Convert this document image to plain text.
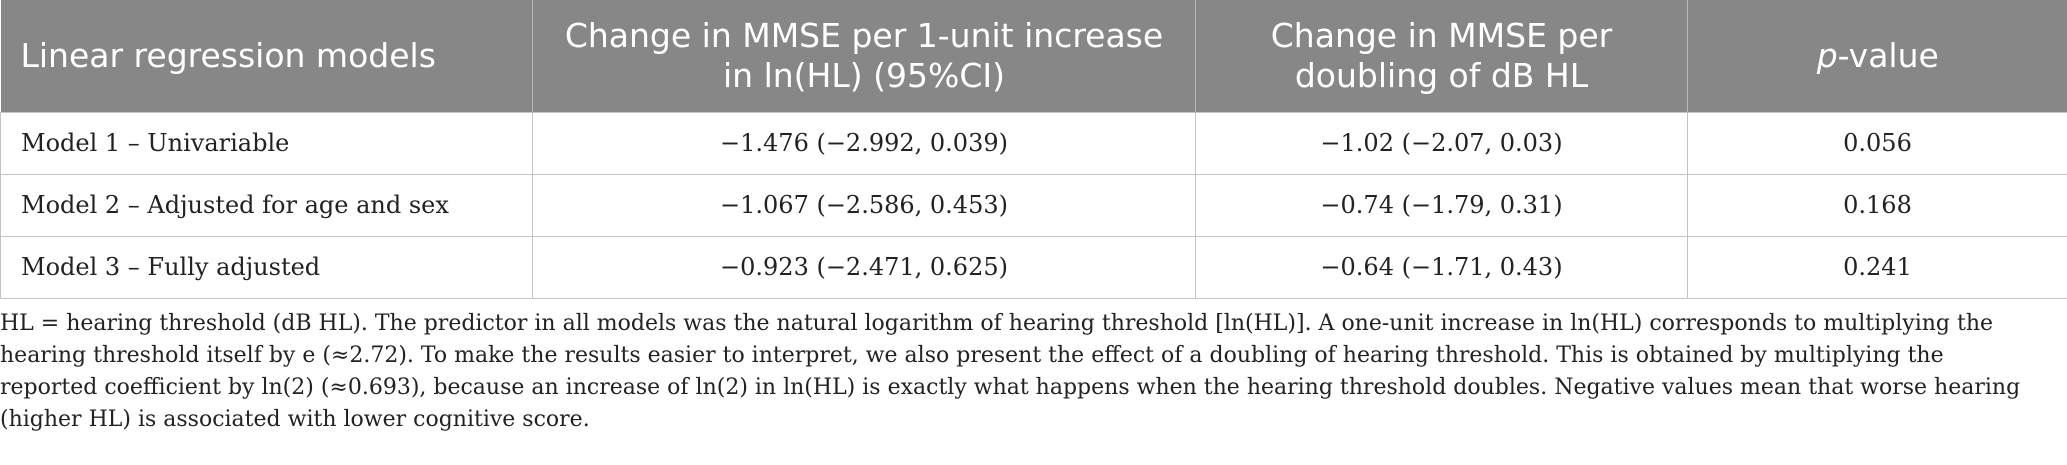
Linear regression models	Change in MMSE per 1-unit increase in ln(HL) (95%CI)	Change in MMSE per doubling of dB HL	p-value
Model 1 – Univariable	−1.476 (−2.992, 0.039)	−1.02 (−2.07, 0.03)	0.056
Model 2 – Adjusted for age and sex	−1.067 (−2.586, 0.453)	−0.74 (−1.79, 0.31)	0.168
Model 3 – Fully adjusted	−0.923 (−2.471, 0.625)	−0.64 (−1.71, 0.43)	0.241
HL = hearing threshold (dB HL). The predictor in all models was the natural logarithm of hearing threshold [ln(HL)]. A one-unit increase in ln(HL) corresponds to multiplying the hearing threshold itself by e (≈2.72). To make the results easier to interpret, we also present the effect of a doubling of hearing threshold. This is obtained by multiplying the reported coefficient by ln(2) (≈0.693), because an increase of ln(2) in ln(HL) is exactly what happens when the hearing threshold doubles. Negative values mean that worse hearing (higher HL) is associated with lower cognitive score.
